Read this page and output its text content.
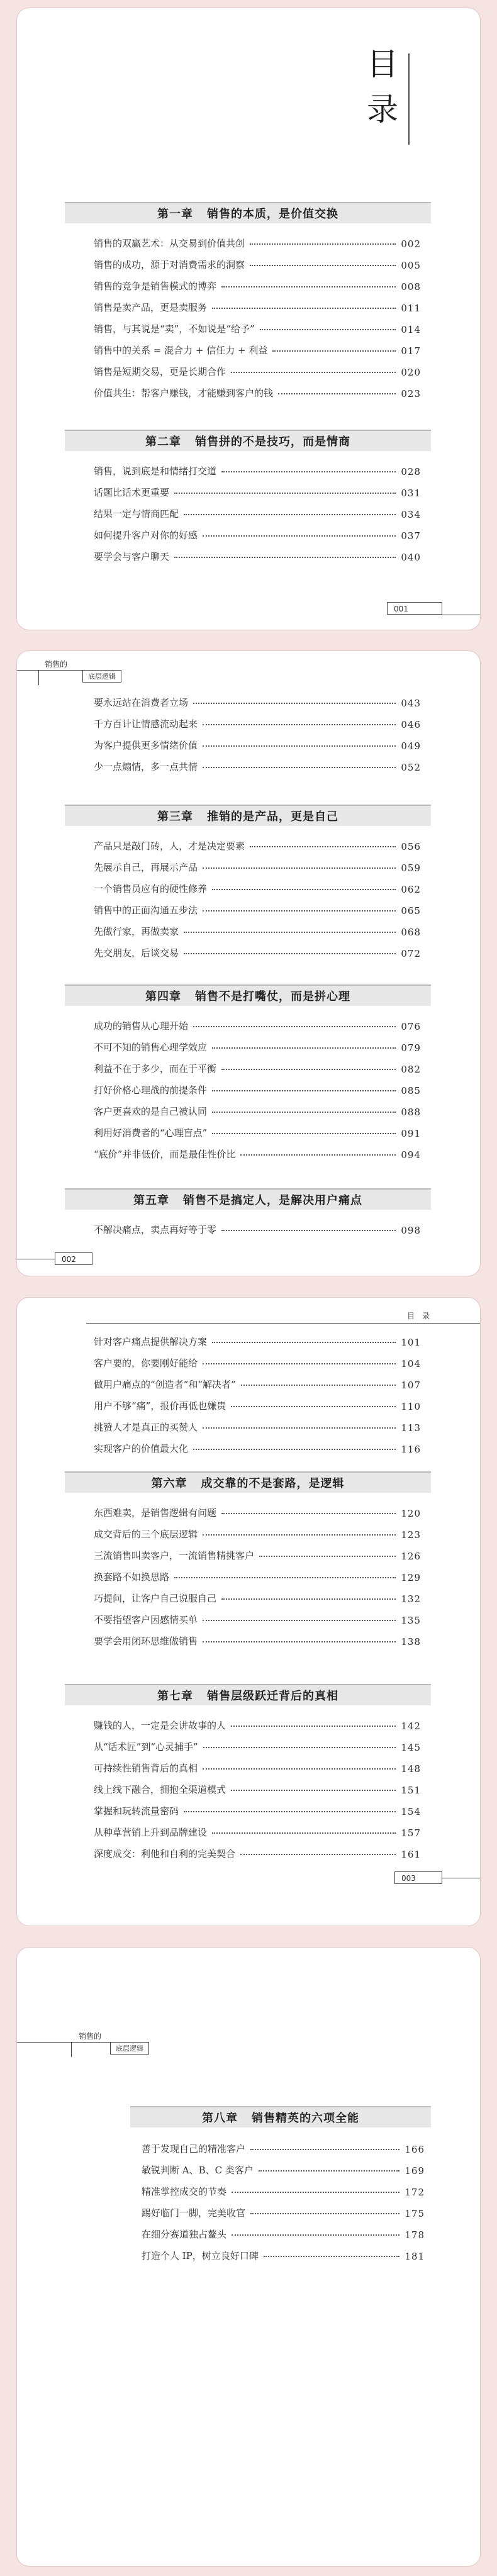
目录
第一章 销售的本质，是价值交换
销售的双赢艺术：从交易到价值共创	002
销售的成功，源于对消费需求的洞察	005
销售的竞争是销售模式的博弈	008
销售是卖产品，更是卖服务	011
销售，与其说是“卖”，不如说是“给予”	014
销售中的关系 = 混合力 + 信任力 + 利益	017
销售是短期交易，更是长期合作	020
价值共生：帮客户赚钱，才能赚到客户的钱	023
第二章 销售拼的不是技巧，而是情商
销售，说到底是和情绪打交道	028
话题比话术更重要	031
结果一定与情商匹配	034
如何提升客户对你的好感	037
要学会与客户聊天	040
001
销售的
底层逻辑
要永远站在消费者立场	043
千方百计让情感流动起来	046
为客户提供更多情绪价值	049
少一点煽情，多一点共情	052
第三章 推销的是产品，更是自己
产品只是敲门砖，人，才是决定要素	056
先展示自己，再展示产品	059
一个销售员应有的硬性修养	062
销售中的正面沟通五步法	065
先做行家，再做卖家	068
先交朋友，后谈交易	072
第四章 销售不是打嘴仗，而是拼心理
成功的销售从心理开始	076
不可不知的销售心理学效应	079
利益不在于多少，而在于平衡	082
打好价格心理战的前提条件	085
客户更喜欢的是自己被认同	088
利用好消费者的“心理盲点”	091
“底价”并非低价，而是最佳性价比	094
第五章 销售不是搞定人，是解决用户痛点
不解决痛点，卖点再好等于零	098
002
目　录
针对客户痛点提供解决方案	101
客户要的，你要刚好能给	104
做用户痛点的“创造者”和“解决者”	107
用户不够“痛”，报价再低也嫌贵	110
挑赞人才是真正的买赞人	113
实现客户的价值最大化	116
第六章 成交靠的不是套路，是逻辑
东西难卖，是销售逻辑有问题	120
成交背后的三个底层逻辑	123
三流销售叫卖客户，一流销售精挑客户	126
换套路不如换思路	129
巧提问，让客户自己说服自己	132
不要指望客户因感情买单	135
要学会用闭环思维做销售	138
第七章 销售层级跃迁背后的真相
赚钱的人，一定是会讲故事的人	142
从“话术匠”到“心灵捕手”	145
可持续性销售背后的真相	148
线上线下融合，拥抱全渠道模式	151
掌握和玩转流量密码	154
从种草营销上升到品牌建设	157
深度成交：利他和自利的完美契合	161
003
销售的
底层逻辑
第八章 销售精英的六项全能
善于发现自己的精准客户	166
敏锐判断 A、B、C 类客户	169
精准掌控成交的节奏	172
踢好临门一脚，完美收官	175
在细分赛道独占鳌头	178
打造个人 IP，树立良好口碑	181
